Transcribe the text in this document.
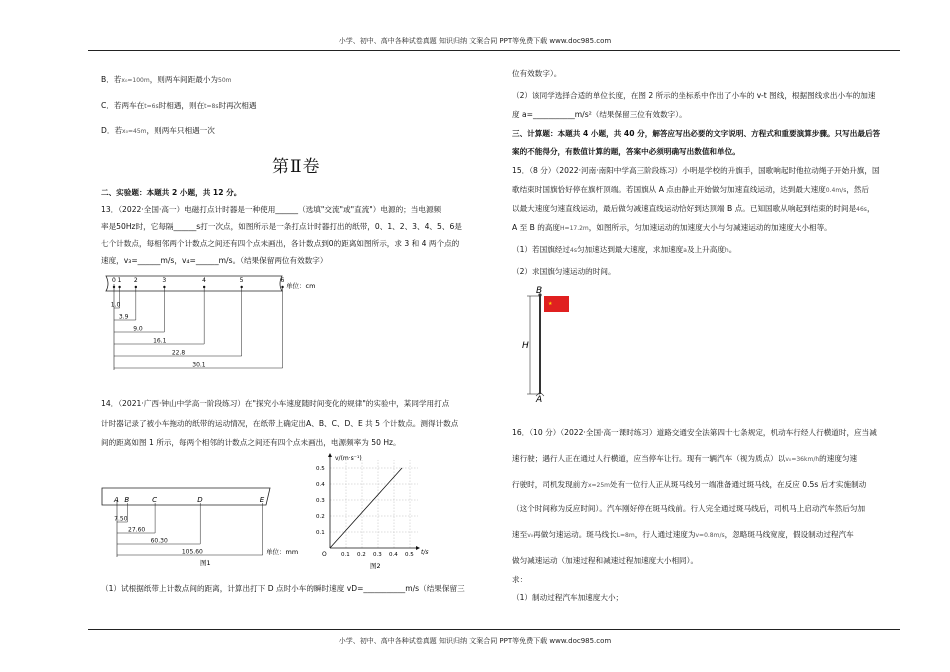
小学、初中、高中各种试卷真题 知识归纳 文案合同 PPT等免费下载 www.doc985.com
小学、初中、高中各种试卷真题 知识归纳 文案合同 PPT等免费下载 www.doc985.com
B．若x₀=100m，则两车间距最小为50m
C．若两车在t=6s时相遇，则在t=8s时再次相遇
D．若x₀=45m，则两车只相遇一次
第Ⅱ卷
二、实验题：本题共 2 小题，共 12 分。
13．（2022·全国·高一）电磁打点计时器是一种使用______（选填"交流"或"直流"）电源的；当电源频
率是50Hz时，它每隔______s打一次点，如图所示是一条打点计时器打出的纸带，0、1、2、3、4、5、6是
七个计数点，每相邻两个计数点之间还有四个点未画出，各计数点到0的距离如图所示，求 3 和 4 两个点的
速度，v₃=______m/s，v₄=______m/s。（结果保留两位有效数字）
0 1 2	3	4	5	6
单位：cm
1.0
3.9
9.0
16.1
22.8
30.1
14．（2021·广西·钟山中学高一阶段练习）在"探究小车速度随时间变化的规律"的实验中，某同学用打点
计时器记录了被小车拖动的纸带的运动情况，在纸带上确定出A、B、C、D、E 共 5 个计数点。测得计数点
间的距离如图 1 所示，每两个相邻的计数点之间还有四个点未画出，电源频率为 50 Hz。
A B	C	D	E
7.50
27.60
60.30
105.60	单位：mm
图1
v/(m·s⁻¹)
t/s
O	0.1 0.2 0.3 0.4 0.5
0.1
0.2
0.3
0.4
0.5
图2
（1）试根据纸带上计数点间的距离，计算出打下 D 点时小车的瞬时速度 vD=___________m/s（结果保留三
位有效数字）。
（2）该同学选择合适的单位长度，在图 2 所示的坐标系中作出了小车的 v-t 图线，根据图线求出小车的加速
度 a=___________m/s²（结果保留三位有效数字）。
三、计算题：本题共 4 小题，共 40 分，解答应写出必要的文字说明、方程式和重要演算步骤。只写出最后答
案的不能得分，有数值计算的题，答案中必须明确写出数值和单位。
15．（8 分）（2022·河南·南阳中学高三阶段练习）小明是学校的升旗手，国歌响起时他拉动绳子开始升旗，国
歌结束时国旗恰好停在旗杆顶端。若国旗从 A 点由静止开始做匀加速直线运动，达到最大速度0.4m/s，然后
以最大速度匀速直线运动，最后做匀减速直线运动恰好到达顶端 B 点。已知国歌从响起到结束的时间是46s，
A 至 B 的高度H=17.2m，如图所示，匀加速运动的加速度大小与匀减速运动的加速度大小相等。
（1）若国旗经过4s匀加速达到最大速度，求加速度a及上升高度h。
（2）求国旗匀速运动的时间。
★
B
A
H
16．（10 分）（2022·全国·高一课时练习）道路交通安全法第四十七条规定，机动车行经人行横道时，应当减
速行驶；遇行人正在通过人行横道，应当停车让行。现有一辆汽车（视为质点）以v₀=36km/h的速度匀速
行驶时，司机发现前方x=25m处有一位行人正从斑马线另一端准备通过斑马线，在反应 0.5s 后才实施制动
（这个时间称为反应时间）。汽车刚好停在斑马线前。行人完全通过斑马线后，司机马上启动汽车然后匀加
速至v₀再做匀速运动。斑马线长L=8m，行人通过速度为v=0.8m/s，忽略斑马线宽度，假设制动过程汽车
做匀减速运动（加速过程和减速过程加速度大小相同）。
求：
（1）制动过程汽车加速度大小；
